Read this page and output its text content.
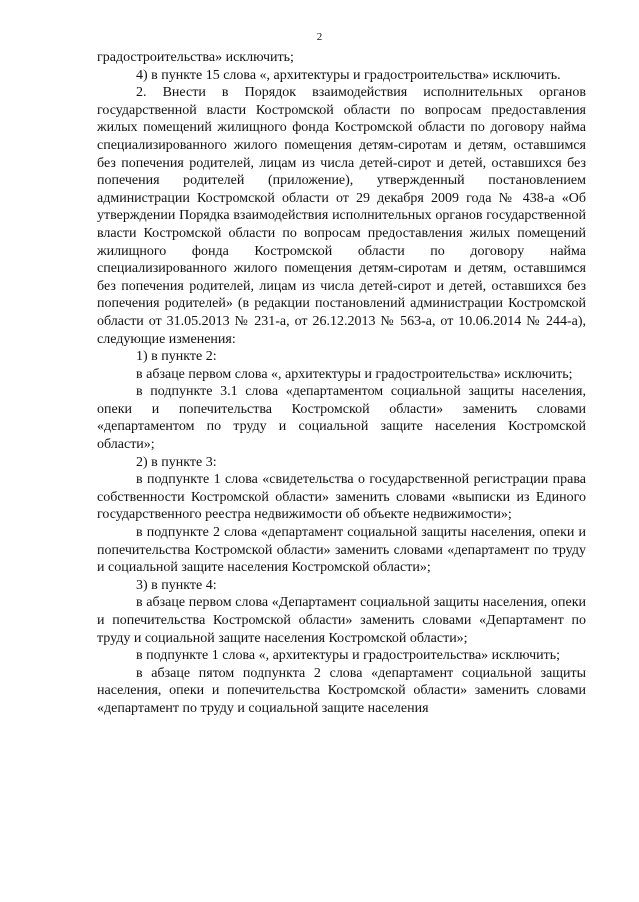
2

градостроительства» исключить;

4) в пункте 15 слова «, архитектуры и градостроительства» исключить.

2. Внести в Порядок взаимодействия исполнительных органов государственной власти Костромской области по вопросам предоставления жилых помещений жилищного фонда Костромской области по договору найма специализированного жилого помещения детям-сиротам и детям, оставшимся без попечения родителей, лицам из числа детей-сирот и детей, оставшихся без попечения родителей (приложение), утвержденный постановлением администрации Костромской области от 29 декабря 2009 года № 438-а «Об утверждении Порядка взаимодействия исполнительных органов государственной власти Костромской области по вопросам предоставления жилых помещений жилищного фонда Костромской области по договору найма специализированного жилого помещения детям-сиротам и детям, оставшимся без попечения родителей, лицам из числа детей-сирот и детей, оставшихся без попечения родителей» (в редакции постановлений администрации Костромской области от 31.05.2013 № 231-а, от 26.12.2013 № 563-а, от 10.06.2014 № 244-а), следующие изменения:

1) в пункте 2:

в абзаце первом слова «, архитектуры и градостроительства» исключить;

в подпункте 3.1 слова «департаментом социальной защиты населения, опеки и попечительства Костромской области» заменить словами «департаментом по труду и социальной защите населения Костромской области»;

2) в пункте 3:

в подпункте 1 слова «свидетельства о государственной регистрации права собственности Костромской области» заменить словами «выписки из Единого государственного реестра недвижимости об объекте недвижимости»;

в подпункте 2 слова «департамент социальной защиты населения, опеки и попечительства Костромской области» заменить словами «департамент по труду и социальной защите населения Костромской области»;

3) в пункте 4:

в абзаце первом слова «Департамент социальной защиты населения, опеки и попечительства Костромской области» заменить словами «Департамент по труду и социальной защите населения Костромской области»;

в подпункте 1 слова «, архитектуры и градостроительства» исключить;

в абзаце пятом подпункта 2 слова «департамент социальной защиты населения, опеки и попечительства Костромской области» заменить словами «департамент по труду и социальной защите населения
